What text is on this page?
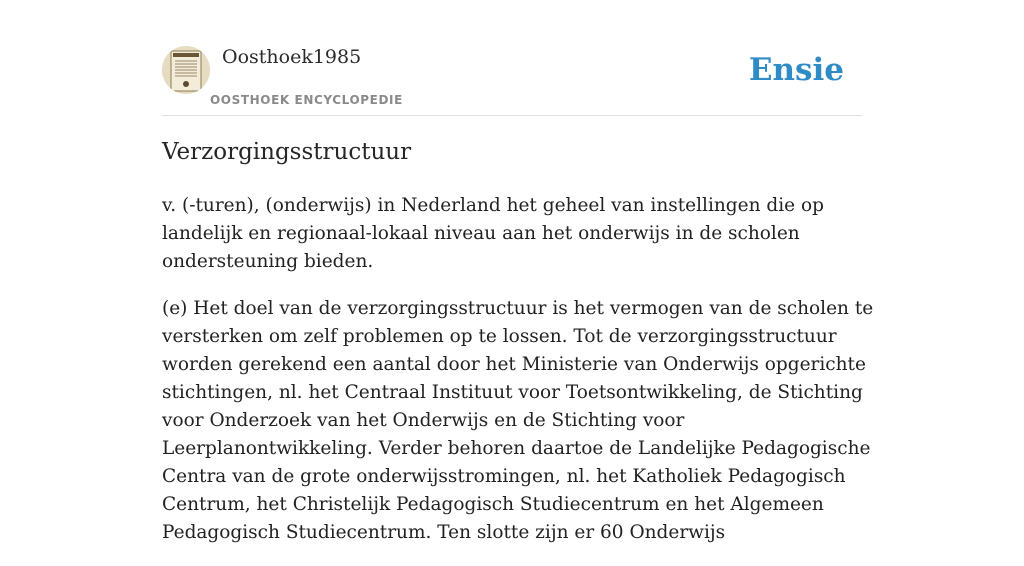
Oosthoek1985
OOSTHOEK ENCYCLOPEDIE
Ensie
Verzorgingsstructuur

v. (-turen), (onderwijs) in Nederland het geheel van instellingen die op landelijk en regionaal-lokaal niveau aan het onderwijs in de scholen ondersteuning bieden.

(e) Het doel van de verzorgingsstructuur is het vermogen van de scholen te versterken om zelf problemen op te lossen. Tot de verzorgingsstructuur worden gerekend een aantal door het Ministerie van Onderwijs opgerichte stichtingen, nl. het Centraal Instituut voor Toetsontwikkeling, de Stichting voor Onderzoek van het Onderwijs en de Stichting voor Leerplanontwikkeling. Verder behoren daartoe de Landelijke Pedagogische Centra van de grote onderwijsstromingen, nl. het Katholiek Pedagogisch Centrum, het Christelijk Pedagogisch Studiecentrum en het Algemeen Pedagogisch Studiecentrum. Ten slotte zijn er 60 Onderwijs
